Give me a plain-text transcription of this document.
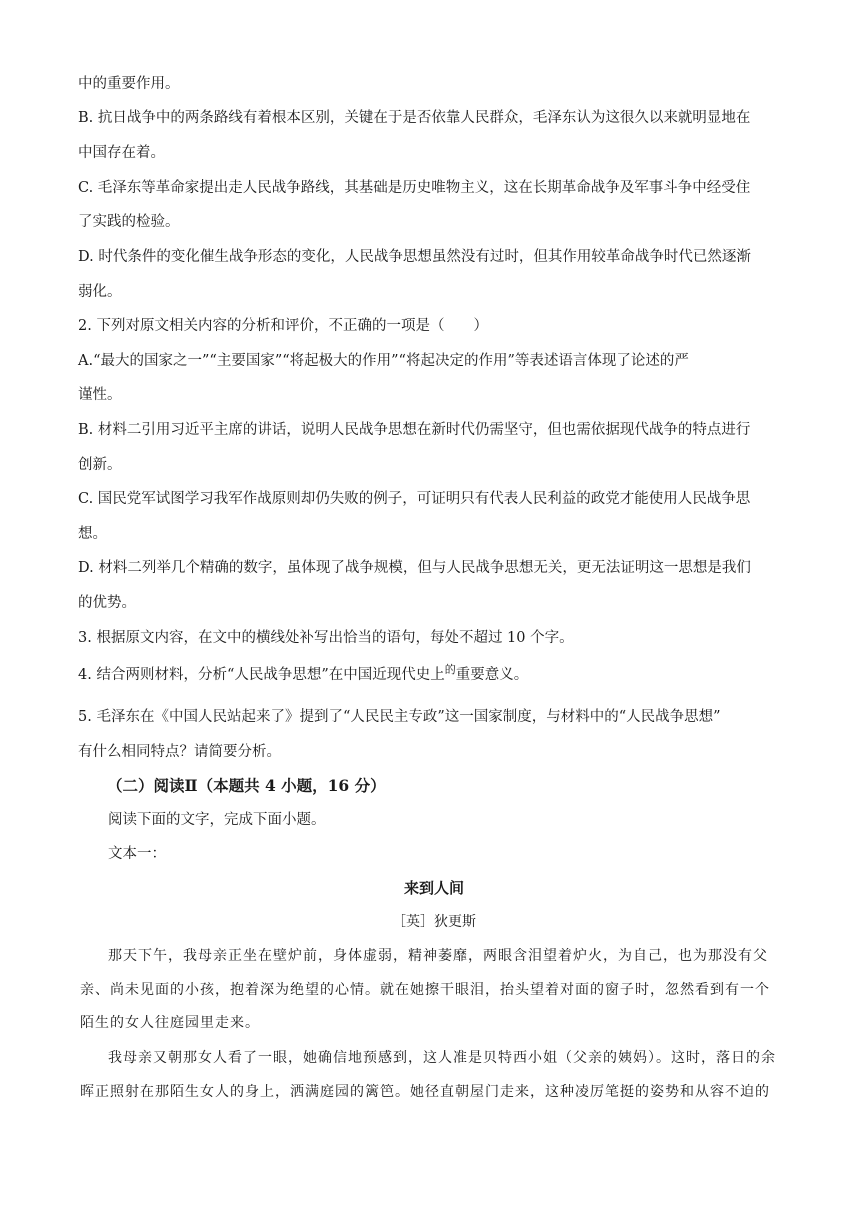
中的重要作用。
B. 抗日战争中的两条路线有着根本区别，关键在于是否依靠人民群众，毛泽东认为这很久以来就明显地在
中国存在着。
C. 毛泽东等革命家提出走人民战争路线，其基础是历史唯物主义，这在长期革命战争及军事斗争中经受住
了实践的检验。
D. 时代条件的变化催生战争形态的变化，人民战争思想虽然没有过时，但其作用较革命战争时代已然逐渐
弱化。
2. 下列对原文相关内容的分析和评价，不正确的一项是（　　）
A.“最大的国家之一”“主要国家”“将起极大的作用”“将起决定的作用”等表述语言体现了论述的严
谨性。
B. 材料二引用习近平主席的讲话，说明人民战争思想在新时代仍需坚守，但也需依据现代战争的特点进行
创新。
C. 国民党军试图学习我军作战原则却仍失败的例子，可证明只有代表人民利益的政党才能使用人民战争思
想。
D. 材料二列举几个精确的数字，虽体现了战争规模，但与人民战争思想无关，更无法证明这一思想是我们
的优势。
3. 根据原文内容，在文中的横线处补写出恰当的语句，每处不超过 10 个字。
4. 结合两则材料，分析“人民战争思想”在中国近现代史上$^的$重要意义。
5. 毛泽东在《中国人民站起来了》提到了“人民民主专政”这一国家制度，与材料中的“人民战争思想”
有什么相同特点？请简要分析。
（二）阅读Ⅱ（本题共 4 小题，16 分）
阅读下面的文字，完成下面小题。
文本一：
来到人间
［英］狄更斯
那天下午，我母亲正坐在壁炉前，身体虚弱，精神萎靡，两眼含泪望着炉火，为自己，也为那没有父
亲、尚未见面的小孩，抱着深为绝望的心情。就在她擦干眼泪，抬头望着对面的窗子时，忽然看到有一个
陌生的女人往庭园里走来。
我母亲又朝那女人看了一眼，她确信地预感到，这人准是贝特西小姐（父亲的姨妈）。这时，落日的余
晖正照射在那陌生女人的身上，洒满庭园的篱笆。她径直朝屋门走来，这种凌厉笔挺的姿势和从容不迫的
